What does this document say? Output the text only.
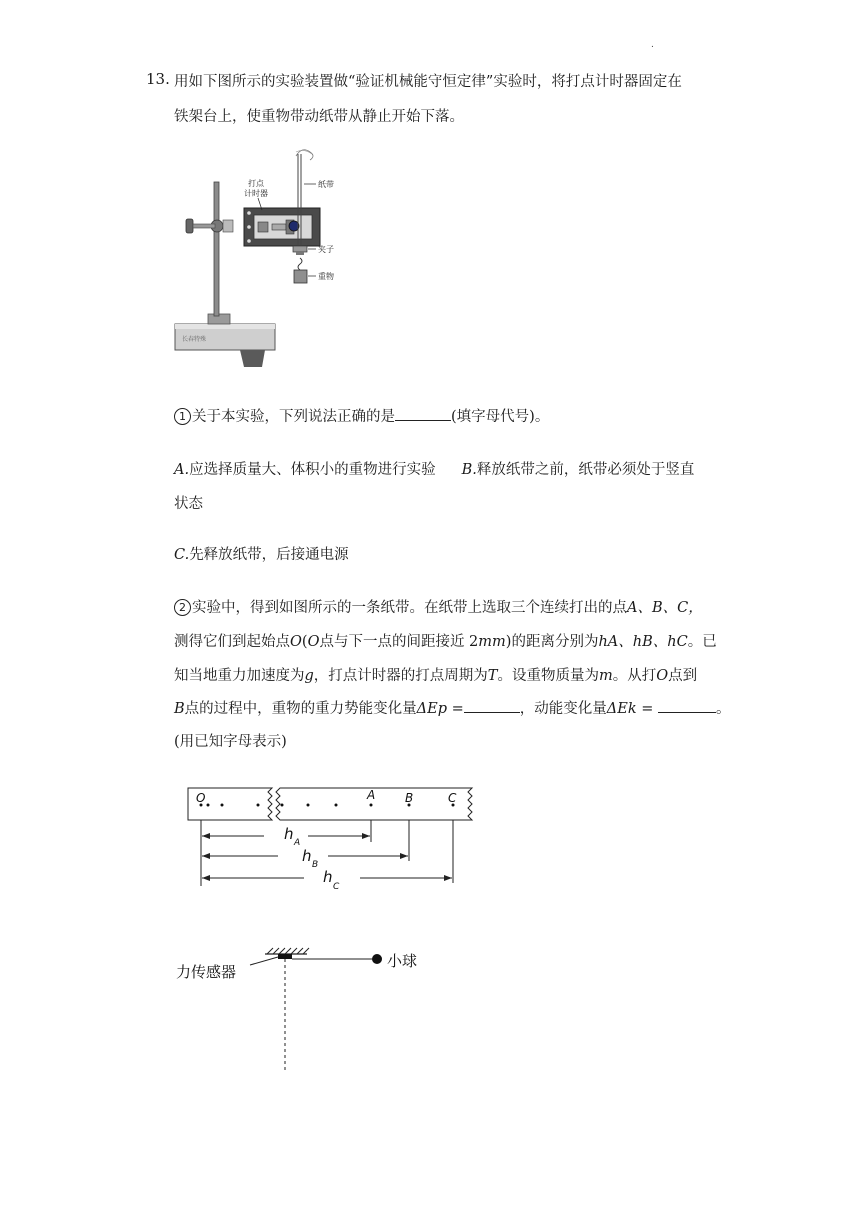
.
13. 用如下图所示的实验装置做“验证机械能守恒定律”实验时，将打点计时器固定在
铁架台上，使重物带动纸带从静止开始下落。
长春特殊
打点
计时器
纸带
夹子
重物
1 关于本实验，下列说法正确的是	(填字母代号)。
A.应选择质量大、体积小的重物进行实验 B.释放纸带之前，纸带必须处于竖直
状态
C.先释放纸带，后接通电源
2 实验中，得到如图所示的一条纸带。在纸带上选取三个连续打出的点A、B、C，
测得它们到起始点O(O点与下一点的间距接近 2mm)的距离分别为hA、hB、hC。已
知当地重力加速度为g，打点计时器的打点周期为T。设重物质量为m。从打O点到
B点的过程中，重物的重力势能变化量ΔEp =	，动能变化量ΔEk =	。
(用已知字母表示)
O	A B	C
h A
h B
h
C
力传感器
小球
